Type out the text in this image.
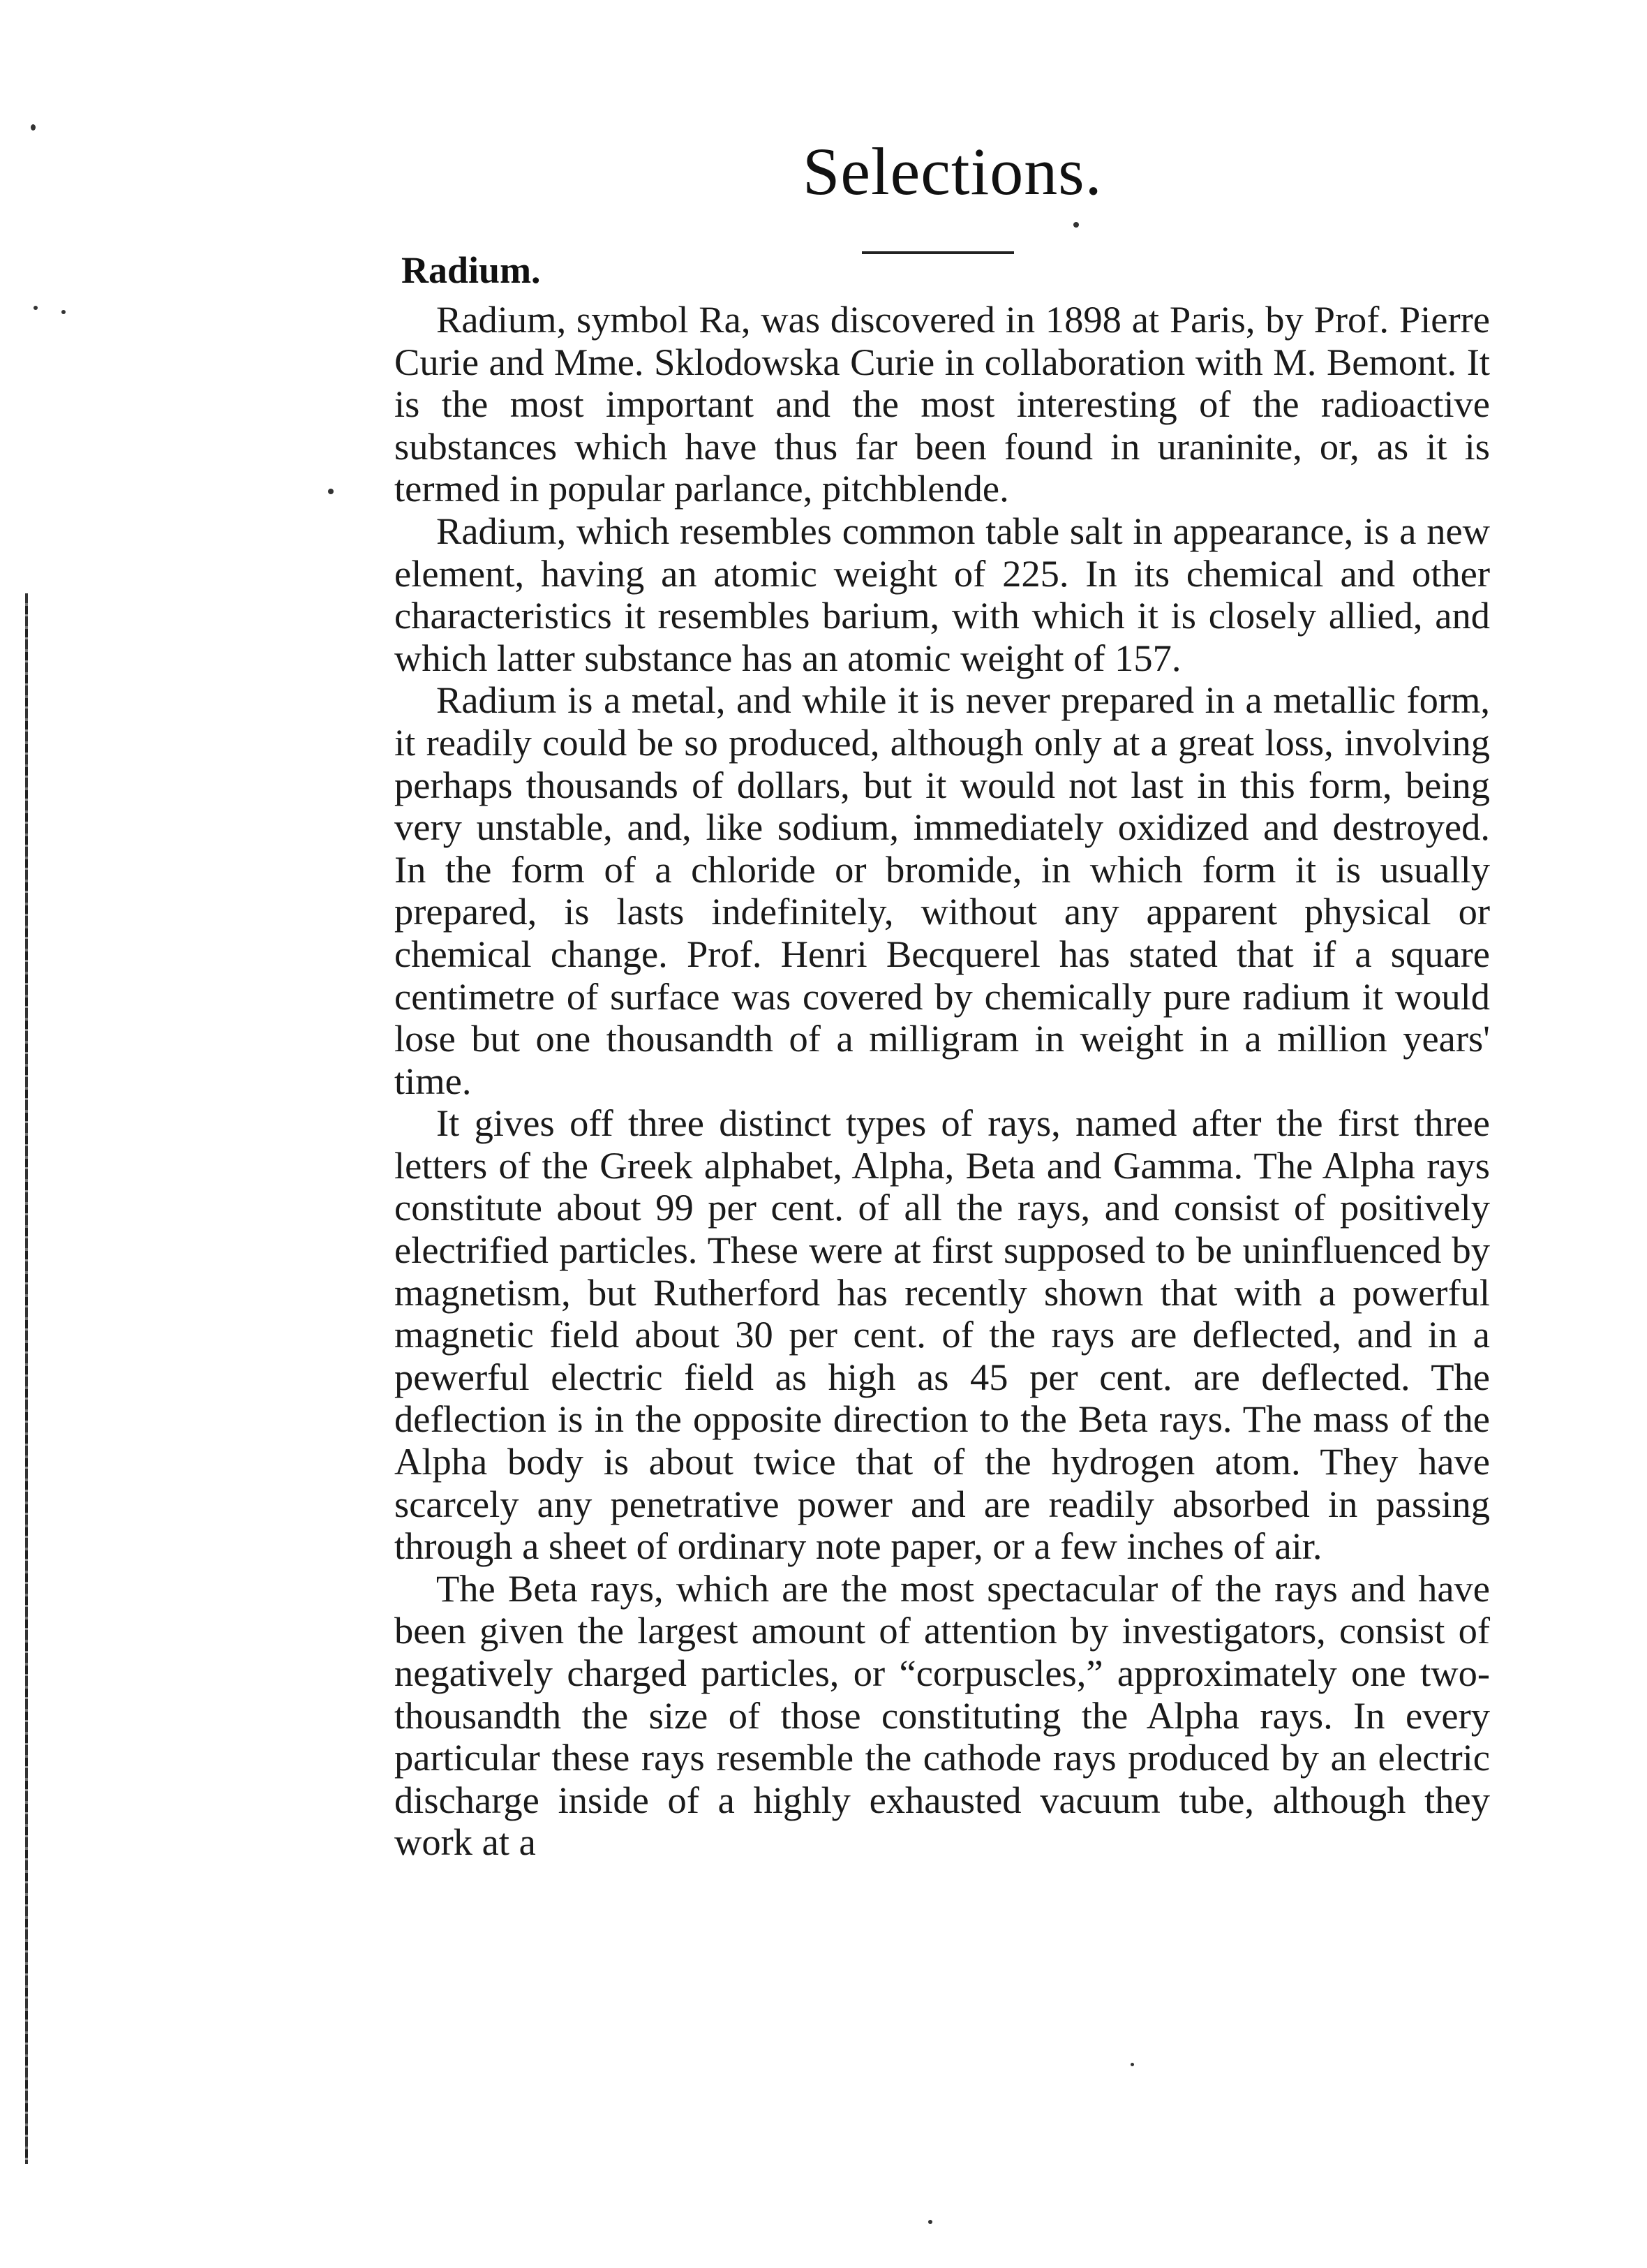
Selections.
Radium.

Radium, symbol Ra, was discovered in 1898 at Paris, by Prof. Pierre Curie and Mme. Sklodowska Curie in collaboration with M. Bemont. It is the most important and the most interesting of the radioactive substances which have thus far been found in uraninite, or, as it is termed in popular parlance, pitchblende.

Radium, which resembles common table salt in appearance, is a new element, having an atomic weight of 225. In its chemical and other characteristics it resembles barium, with which it is closely allied, and which latter substance has an atomic weight of 157.

Radium is a metal, and while it is never prepared in a metallic form, it readily could be so produced, although only at a great loss, involving perhaps thousands of dollars, but it would not last in this form, being very unstable, and, like sodium, immediately oxidized and destroyed. In the form of a chloride or bromide, in which form it is usually prepared, is lasts indefinitely, without any apparent physical or chemical change. Prof. Henri Becquerel has stated that if a square centimetre of surface was covered by chemically pure radium it would lose but one thousandth of a milligram in weight in a million years' time.

It gives off three distinct types of rays, named after the first three letters of the Greek alphabet, Alpha, Beta and Gamma. The Alpha rays constitute about 99 per cent. of all the rays, and consist of positively electrified particles. These were at first supposed to be uninfluenced by magnetism, but Rutherford has recently shown that with a powerful magnetic field about 30 per cent. of the rays are deflected, and in a pewerful electric field as high as 45 per cent. are deflected. The deflection is in the opposite direction to the Beta rays. The mass of the Alpha body is about twice that of the hydrogen atom. They have scarcely any penetrative power and are readily absorbed in passing through a sheet of ordinary note paper, or a few inches of air.

The Beta rays, which are the most spectacular of the rays and have been given the largest amount of attention by investigators, consist of negatively charged particles, or “corpuscles,” approximately one two-thousandth the size of those constituting the Alpha rays. In every particular these rays resemble the cathode rays produced by an electric discharge inside of a highly exhausted vacuum tube, although they work at a
